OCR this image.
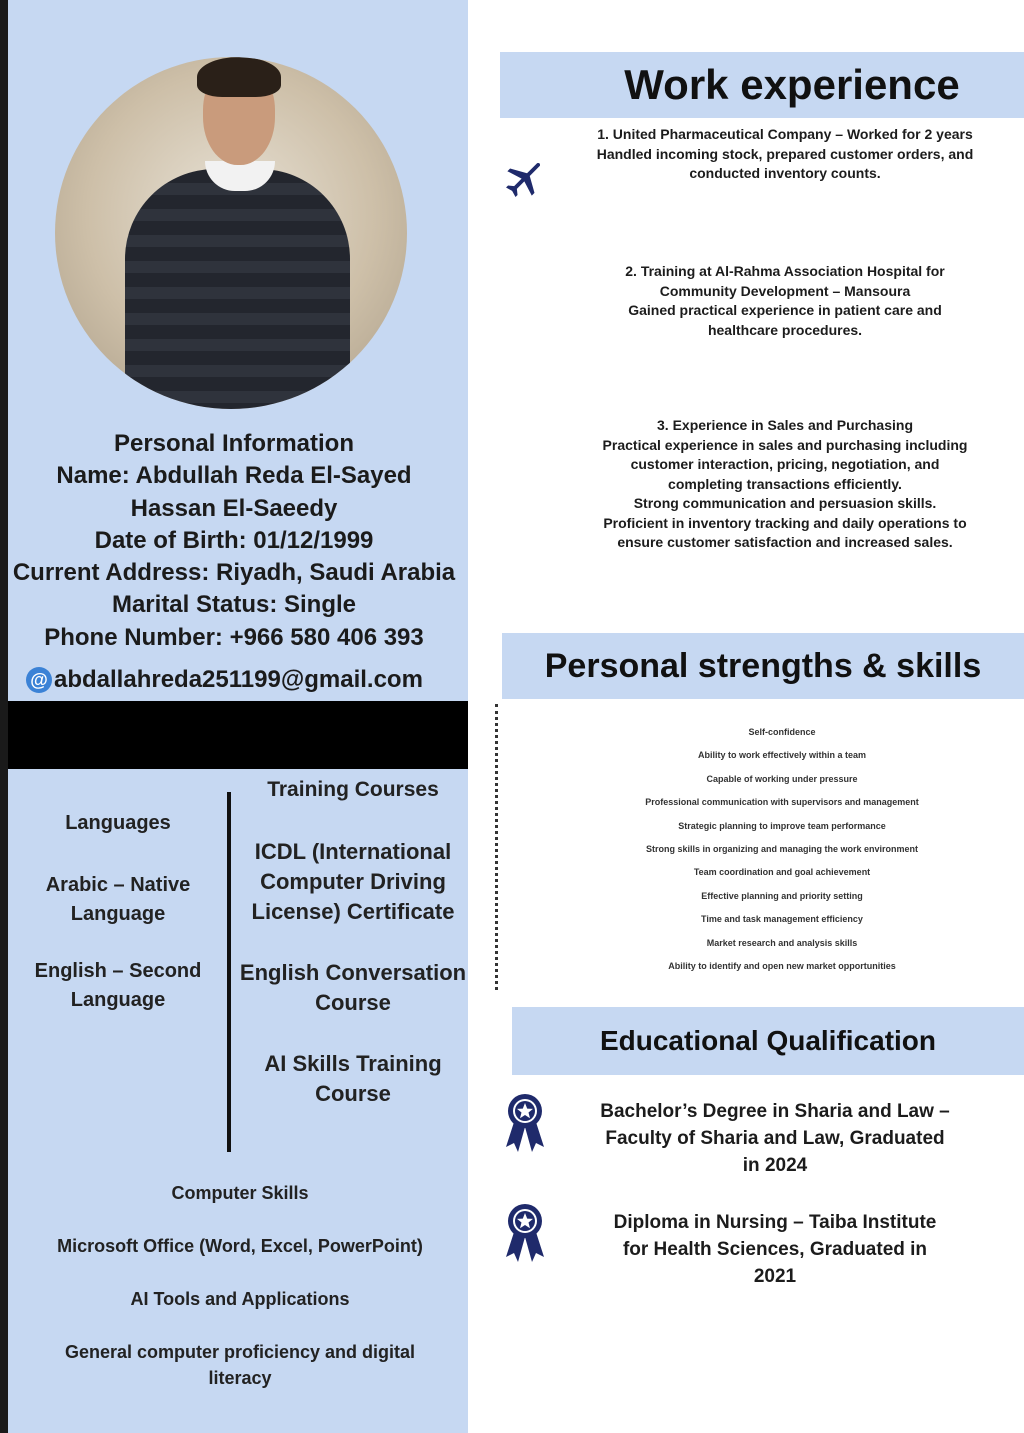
Personal Information
Name: Abdullah Reda El-Sayed
Hassan El-Saeedy
Date of Birth: 01/12/1999
Current Address: Riyadh, Saudi Arabia
Marital Status: Single
Phone Number: +966 580 406 393
@ abdallahreda251199@gmail.com
Languages
Arabic – Native
Language
English – Second
Language
Training Courses
ICDL (International
Computer Driving
License) Certificate
English Conversation
Course
AI Skills Training
Course
Computer Skills
Microsoft Office (Word, Excel, PowerPoint)
AI Tools and Applications
General computer proficiency and digital
literacy
Work experience
1. United Pharmaceutical Company – Worked for 2 years
Handled incoming stock, prepared customer orders, and
conducted inventory counts.
2. Training at Al-Rahma Association Hospital for
Community Development – Mansoura
Gained practical experience in patient care and
healthcare procedures.
3. Experience in Sales and Purchasing
Practical experience in sales and purchasing including
customer interaction, pricing, negotiation, and
completing transactions efficiently.
Strong communication and persuasion skills.
Proficient in inventory tracking and daily operations to
ensure customer satisfaction and increased sales.
Personal strengths & skills
Self-confidence
Ability to work effectively within a team
Capable of working under pressure
Professional communication with supervisors and management
Strategic planning to improve team performance
Strong skills in organizing and managing the work environment
Team coordination and goal achievement
Effective planning and priority setting
Time and task management efficiency
Market research and analysis skills
Ability to identify and open new market opportunities
Educational Qualification
Bachelor’s Degree in Sharia and Law –
Faculty of Sharia and Law, Graduated
in 2024
Diploma in Nursing – Taiba Institute
for Health Sciences, Graduated in
2021
